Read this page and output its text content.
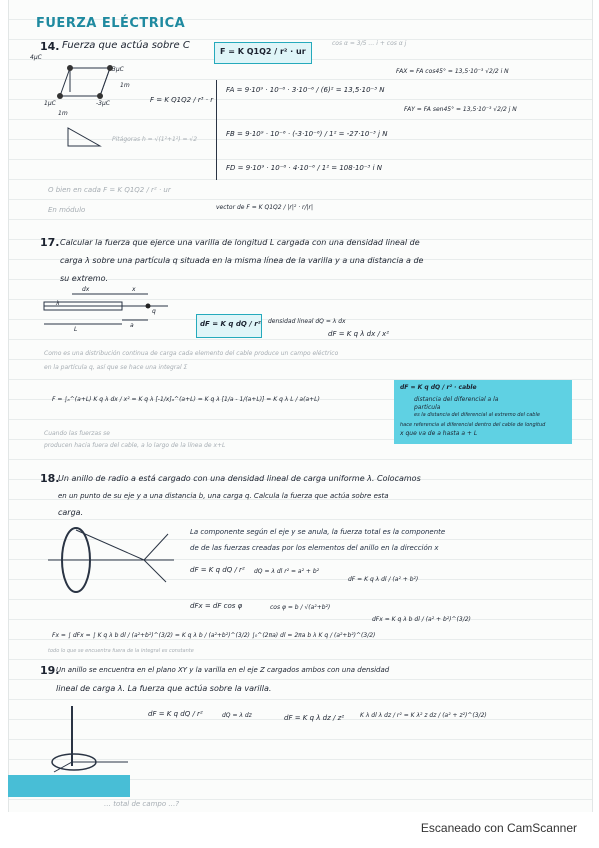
FUERZA ELÉCTRICA
14. Fuerza que actúa sobre C
F = K Q1Q2 / r² · ur
cos α = 3/5 … i + cos α j
4μC
3μC
1μC	-3μC
1m
1m
Pitágoras h = √(1²+1²) = √2
F = K Q1Q2 / r³ · r
FA = 9·10⁹ · 10⁻⁶ · 3·10⁻⁶ / (6)² = 13,5·10⁻³ N
FAX = FA cos45° = 13,5·10⁻³ √2/2 i N
FAY = FA sen45° = 13,5·10⁻³ √2/2 j N
FB = 9·10⁹ · 10⁻⁶ · (-3·10⁻⁶) / 1² = -27·10⁻³ j N
FD = 9·10⁹ · 10⁻⁶ · 4·10⁻⁶ / 1² = 108·10⁻³ i N
O bien en cada F = K Q1Q2 / r² · ur
En módulo	vector de F = K Q1Q2 / |r|² · r/|r|
17. Calcular la fuerza que ejerce una varilla de longitud L cargada con una densidad lineal de
carga λ sobre una partícula q situada en la misma línea de la varilla y a una distancia a de
su extremo.
dx	x
L
a
q
λ
dF = K q dQ / r² densidad lineal dQ = λ dx
dF = K q λ dx / x²
Como es una distribución continua de carga cada elemento del cable produce un campo eléctrico
en la partícula q, así que se hace una integral Σ
F = ∫ₐ^(a+L) K q λ dx / x² = K q λ [-1/x]ₐ^(a+L) = K q λ [1/a - 1/(a+L)] = K q λ L / a(a+L)
dF = K q dQ / r² · cable
distancia del diferencial a la
particula
es la distancia del diferencial al extremo del cable
hace referencia al diferencial dentro del cable de longitud
x que va de a hasta a + L
Cuando las fuerzas se
producen hacia fuera del cable, a lo largo de la línea de x+L
18.
Un anillo de radio a está cargado con una densidad lineal de carga uniforme λ. Colocamos
en un punto de su eje y a una distancia b, una carga q. Calcula la fuerza que actúa sobre esta
carga.
La componente según el eje y se anula, la fuerza total es la componente
de de las fuerzas creadas por los elementos del anillo en la dirección x
dF = K q dQ / r² dQ = λ dl r² = a² + b²
dF = K q λ dl / (a² + b²)
dFx = dF cos φ	cos φ = b / √(a²+b²)
dFx = K q λ b dl / (a² + b²)^(3/2)
Fx = ∫ dFx = ∫ K q λ b dl / (a²+b²)^(3/2) = K q λ b / (a²+b²)^(3/2) ∫₀^(2πa) dl = 2πa b λ K q / (a²+b²)^(3/2)
todo lo que se encuentra fuera de la integral es constante
19.
Un anillo se encuentra en el plano XY y la varilla en el eje Z cargados ambos con una densidad
lineal de carga λ. La fuerza que actúa sobre la varilla.
dF = K q dQ / r²	dQ = λ dz	dF = K q λ dz / z²	K λ dl λ dz / r² = K λ² z dz / (a² + z²)^(3/2)
… total de campo …?
Escaneado con CamScanner
